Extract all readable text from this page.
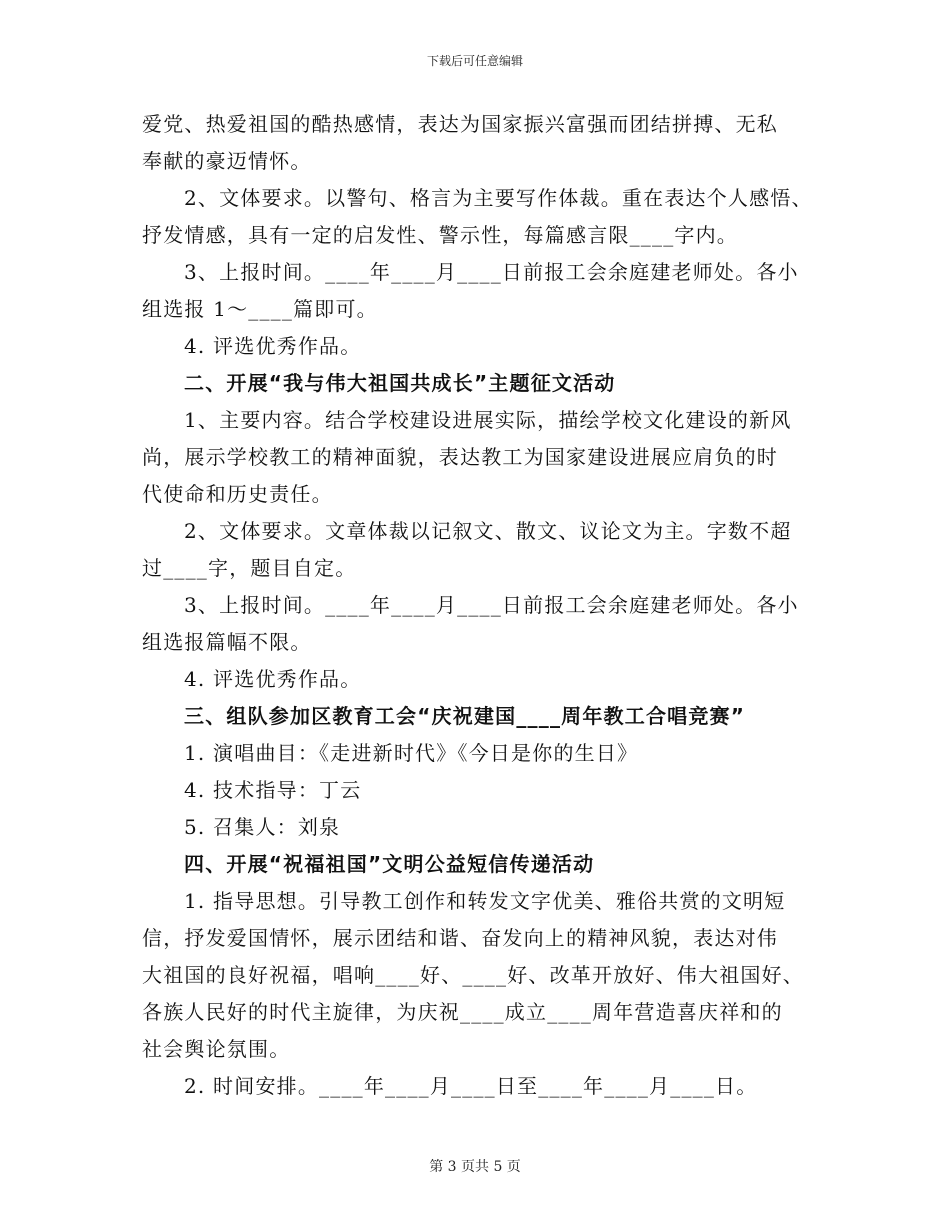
下载后可任意编辑
爱党、热爱祖国的酷热感情，表达为国家振兴富强而团结拼搏、无私
奉献的豪迈情怀。
2、文体要求。以警句、格言为主要写作体裁。重在表达个人感悟、
抒发情感，具有一定的启发性、警示性，每篇感言限____字内。
3、上报时间。____年____月____日前报工会余庭建老师处。各小
组选报 1～____篇即可。
4. 评选优秀作品。
二、开展“我与伟大祖国共成长”主题征文活动
1、主要内容。结合学校建设进展实际，描绘学校文化建设的新风
尚，展示学校教工的精神面貌，表达教工为国家建设进展应肩负的时
代使命和历史责任。
2、文体要求。文章体裁以记叙文、散文、议论文为主。字数不超
过____字，题目自定。
3、上报时间。____年____月____日前报工会余庭建老师处。各小
组选报篇幅不限。
4. 评选优秀作品。
三、组队参加区教育工会“庆祝建国____周年教工合唱竞赛”
1. 演唱曲目：《走进新时代》《今日是你的生日》
4. 技术指导：丁云
5. 召集人：刘泉
四、开展“祝福祖国”文明公益短信传递活动
1. 指导思想。引导教工创作和转发文字优美、雅俗共赏的文明短
信，抒发爱国情怀，展示团结和谐、奋发向上的精神风貌，表达对伟
大祖国的良好祝福，唱响____好、____好、改革开放好、伟大祖国好、
各族人民好的时代主旋律，为庆祝____成立____周年营造喜庆祥和的
社会舆论氛围。
2. 时间安排。____年____月____日至____年____月____日。
第 3 页共 5 页
